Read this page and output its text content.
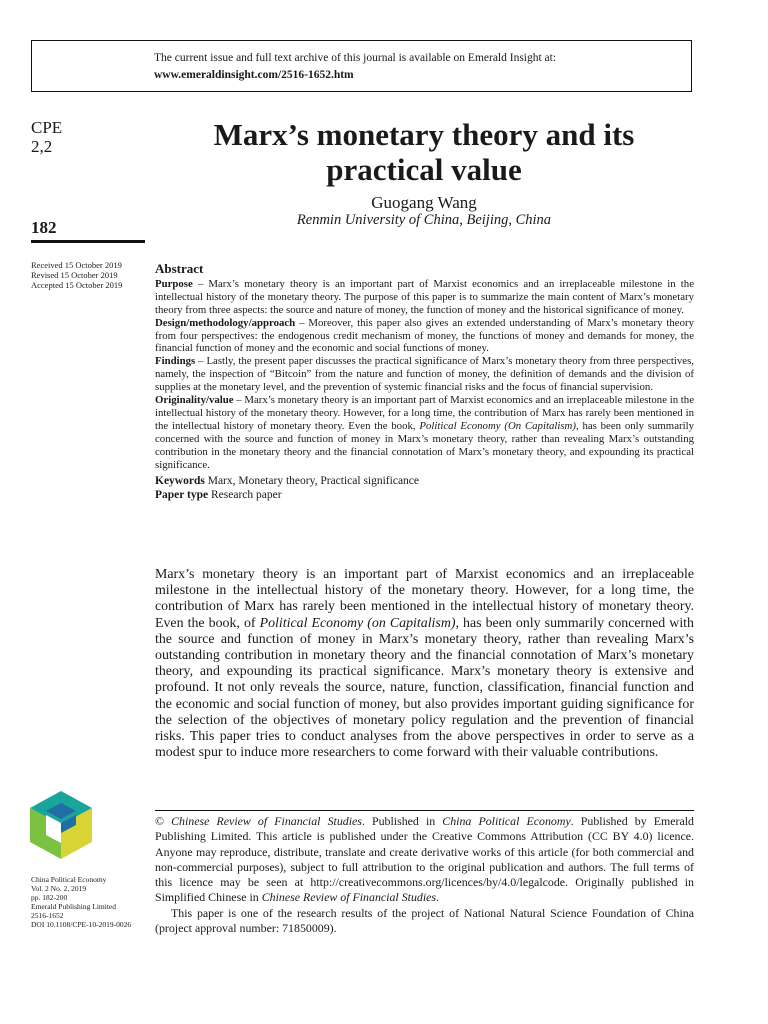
The current issue and full text archive of this journal is available on Emerald Insight at:
www.emeraldinsight.com/2516-1652.htm
CPE
2,2
182
Received 15 October 2019
Revised 15 October 2019
Accepted 15 October 2019
Marx’s monetary theory and its
practical value
Guogang Wang
Renmin University of China, Beijing, China
Abstract

Purpose – Marx’s monetary theory is an important part of Marxist economics and an irreplaceable milestone in the intellectual history of the monetary theory. The purpose of this paper is to summarize the main content of Marx’s monetary theory from three aspects: the source and nature of money, the function of money and the historical significance of money.

Design/methodology/approach – Moreover, this paper also gives an extended understanding of Marx’s monetary theory from four perspectives: the endogenous credit mechanism of money, the functions of money and demands for money, the financial function of money and the economic and social functions of money.

Findings – Lastly, the present paper discusses the practical significance of Marx’s monetary theory from three perspectives, namely, the inspection of “Bitcoin” from the nature and function of money, the definition of demands and the division of supplies at the monetary level, and the prevention of systemic financial risks and the focus of financial supervision.

Originality/value – Marx’s monetary theory is an important part of Marxist economics and an irreplaceable milestone in the intellectual history of the monetary theory. However, for a long time, the contribution of Marx has rarely been mentioned in the intellectual history of monetary theory. Even the book, Political Economy (On Capitalism), has been only summarily concerned with the source and function of money in Marx’s monetary theory, rather than revealing Marx’s outstanding contribution in the monetary theory and the financial connotation of Marx’s monetary theory, and expounding its practical significance.

Keywords Marx, Monetary theory, Practical significance

Paper type Research paper

Marx’s monetary theory is an important part of Marxist economics and an irreplaceable milestone in the intellectual history of the monetary theory. However, for a long time, the contribution of Marx has rarely been mentioned in the intellectual history of monetary theory. Even the book, of Political Economy (on Capitalism), has been only summarily concerned with the source and function of money in Marx’s monetary theory, rather than revealing Marx’s outstanding contribution in monetary theory and the financial connotation of Marx’s monetary theory, and expounding its practical significance. Marx’s monetary theory is extensive and profound. It not only reveals the source, nature, function, classification, financial function and the economic and social function of money, but also provides important guiding significance for the selection of the objectives of monetary policy regulation and the prevention of financial risks. This paper tries to conduct analyses from the above perspectives in order to serve as a modest spur to induce more researchers to come forward with their valuable contributions.

© Chinese Review of Financial Studies. Published in China Political Economy. Published by Emerald Publishing Limited. This article is published under the Creative Commons Attribution (CC BY 4.0) licence. Anyone may reproduce, distribute, translate and create derivative works of this article (for both commercial and non-commercial purposes), subject to full attribution to the original publication and authors. The full terms of this licence may be seen at http://creativecommons.org/licences/by/4.0/legalcode. Originally published in Simplified Chinese in Chinese Review of Financial Studies.

This paper is one of the research results of the project of National Natural Science Foundation of China (project approval number: 71850009).

China Political Economy
Vol. 2 No. 2, 2019
pp. 182-200
Emerald Publishing Limited
2516-1652
DOI 10.1108/CPE-10-2019-0026
